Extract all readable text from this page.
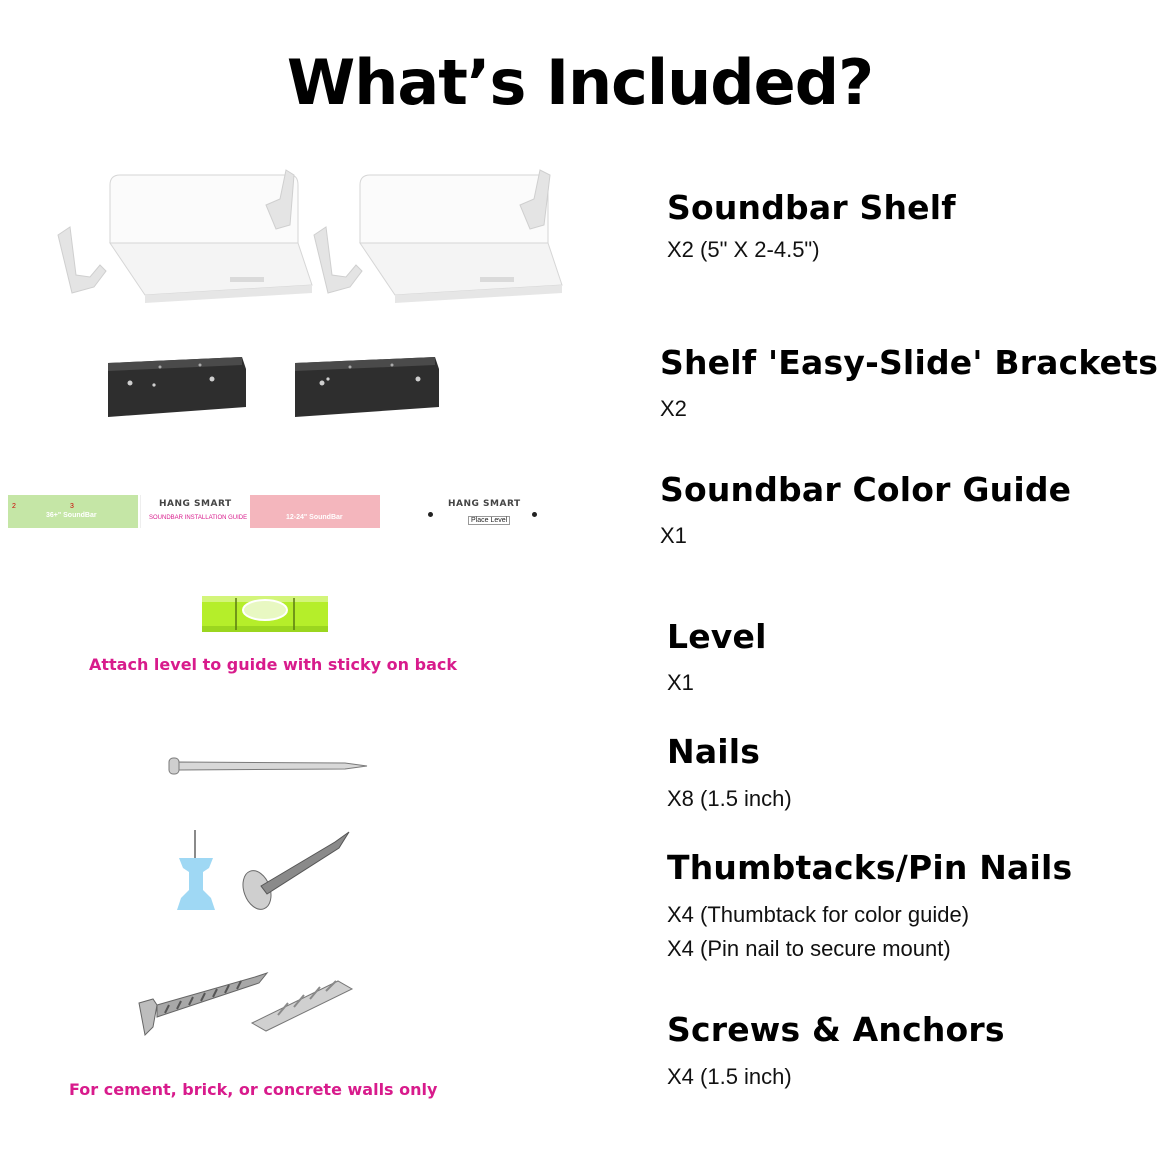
What’s Included?
Soundbar Shelf
X2 (5" X 2-4.5")
Shelf 'Easy-Slide' Brackets
X2
Soundbar Color Guide
X1
Level
X1
Nails
X8 (1.5 inch)
Thumbtacks/Pin Nails
X4 (Thumbtack for color guide)
X4 (Pin nail to secure mount)
Screws & Anchors
X4 (1.5 inch)
36+" SoundBar
2	3	HANG SMART
SOUNDBAR INSTALLATION GUIDE	12-24" SoundBar
HANG SMART
Place Level
Attach level to guide with sticky on back
For cement, brick, or concrete walls only
